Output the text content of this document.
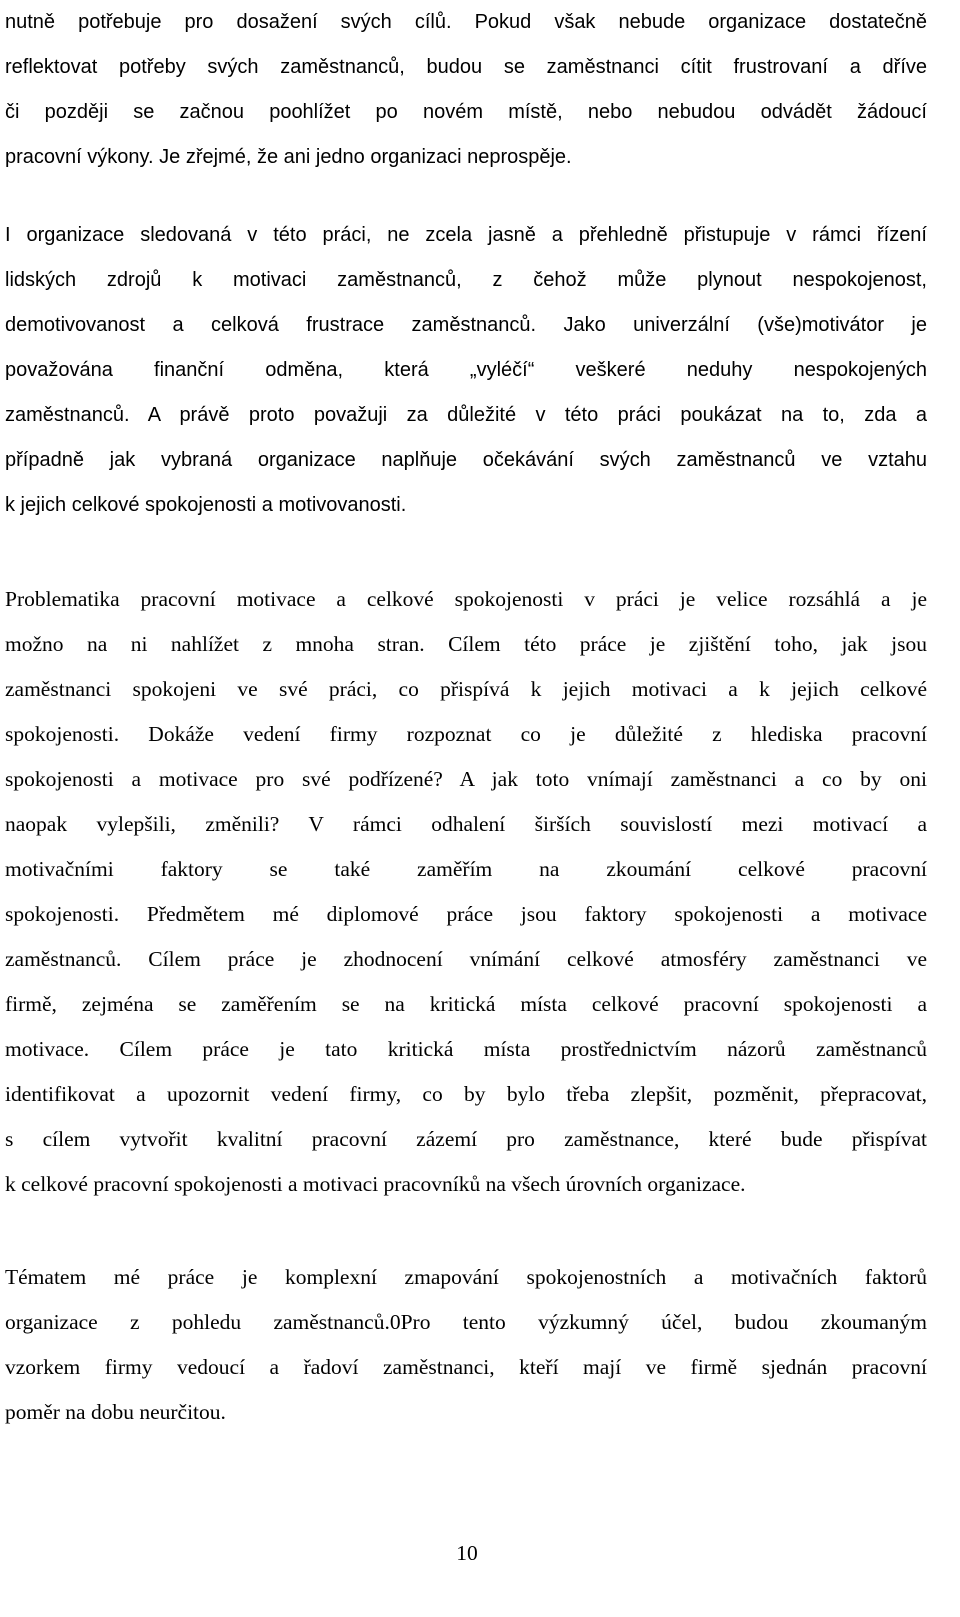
nutně potřebuje pro dosažení svých cílů. Pokud však nebude organizace dostatečně
reflektovat potřeby svých zaměstnanců, budou se zaměstnanci cítit frustrovaní a dříve
či později se začnou poohlížet po novém místě, nebo nebudou odvádět žádoucí
pracovní výkony. Je zřejmé, že ani jedno organizaci neprospěje.
I organizace sledovaná v této práci, ne zcela jasně a přehledně přistupuje v rámci řízení
lidských zdrojů k motivaci zaměstnanců, z čehož může plynout nespokojenost,
demotivovanost a celková frustrace zaměstnanců. Jako univerzální (vše)motivátor je
považována finanční odměna, která „vyléčí“ veškeré neduhy nespokojených
zaměstnanců. A právě proto považuji za důležité v této práci poukázat na to, zda a
případně jak vybraná organizace naplňuje očekávání svých zaměstnanců ve vztahu
k jejich celkové spokojenosti a motivovanosti.
Problematika pracovní motivace a celkové spokojenosti v práci je velice rozsáhlá a je
možno na ni nahlížet z mnoha stran. Cílem této práce je zjištění toho, jak jsou
zaměstnanci spokojeni ve své práci, co přispívá k jejich motivaci a k jejich celkové
spokojenosti. Dokáže vedení firmy rozpoznat co je důležité z hlediska pracovní
spokojenosti a motivace pro své podřízené? A jak toto vnímají zaměstnanci a co by oni
naopak vylepšili, změnili? V rámci odhalení širších souvislostí mezi motivací a
motivačními faktory se také zaměřím na zkoumání celkové pracovní
spokojenosti. Předmětem mé diplomové práce jsou faktory spokojenosti a motivace
zaměstnanců. Cílem práce je zhodnocení vnímání celkové atmosféry zaměstnanci ve
firmě, zejména se zaměřením se na kritická místa celkové pracovní spokojenosti a
motivace. Cílem práce je tato kritická místa prostřednictvím názorů zaměstnanců
identifikovat a upozornit vedení firmy, co by bylo třeba zlepšit, pozměnit, přepracovat,
s cílem vytvořit kvalitní pracovní zázemí pro zaměstnance, které bude přispívat
k celkové pracovní spokojenosti a motivaci pracovníků na všech úrovních organizace.
Tématem mé práce je komplexní zmapování spokojenostních a motivačních faktorů
organizace z pohledu zaměstnanců.0Pro tento výzkumný účel, budou zkoumaným
vzorkem firmy vedoucí a řadoví zaměstnanci, kteří mají ve firmě sjednán pracovní
poměr na dobu neurčitou.
10
